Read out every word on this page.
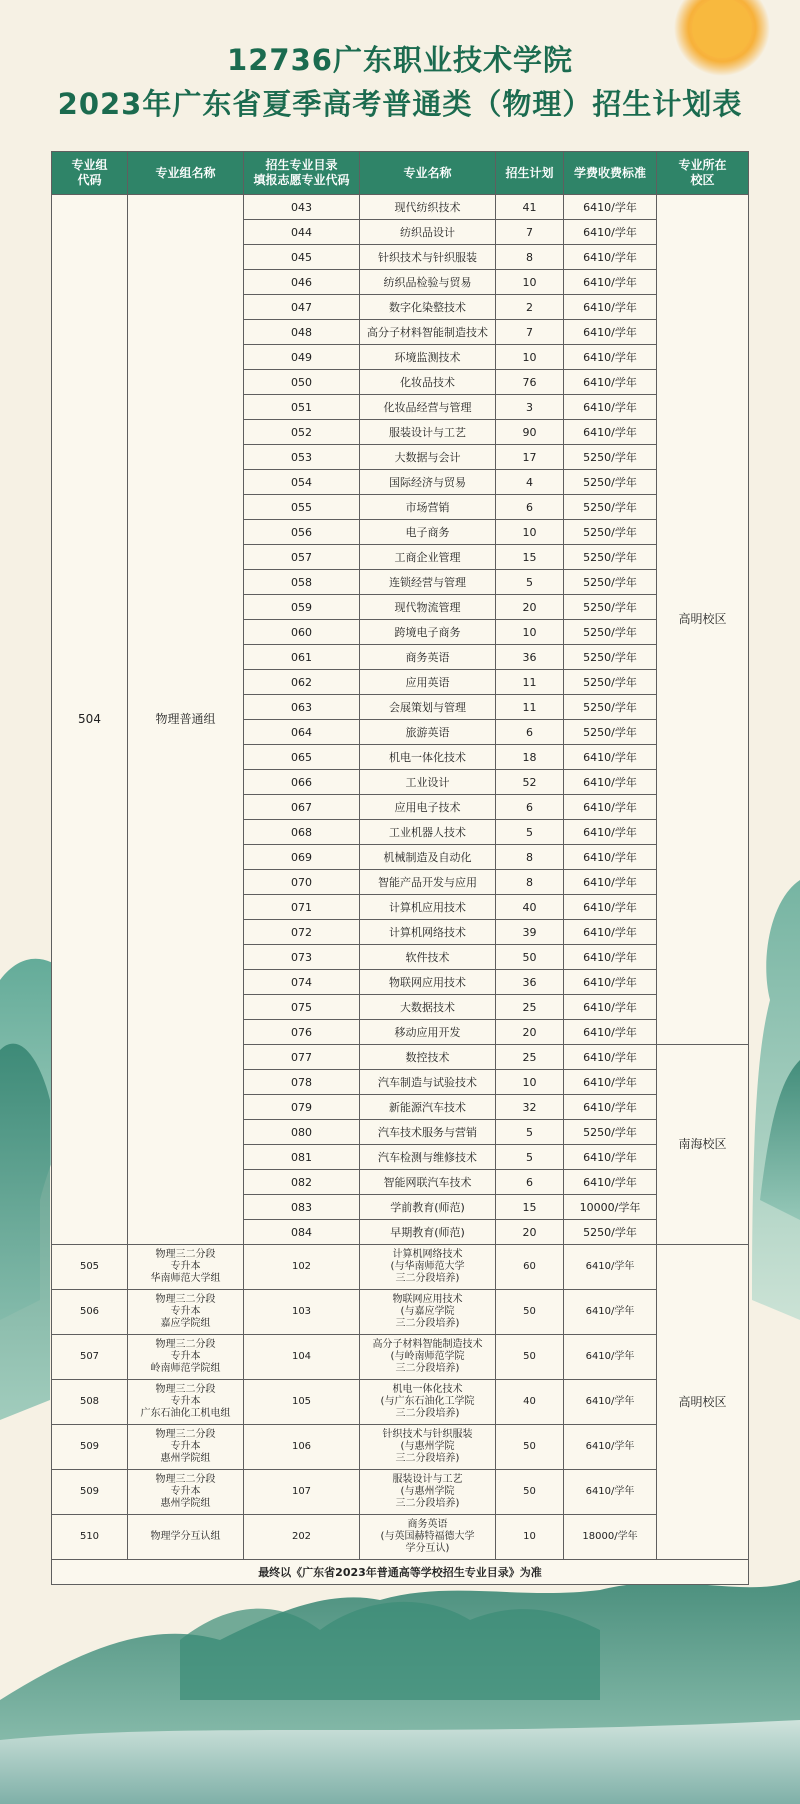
12736广东职业技术学院
2023年广东省夏季高考普通类（物理）招生计划表
专业组
代码	专业组名称	招生专业目录
填报志愿专业代码	专业名称	招生计划	学费收费标准	专业所在
校区
504	物理普通组	043	现代纺织技术	41	6410/学年	高明校区
		044	纺织品设计	7	6410/学年	
		045	针织技术与针织服装	8	6410/学年	
		046	纺织品检验与贸易	10	6410/学年	
		047	数字化染整技术	2	6410/学年	
		048	高分子材料智能制造技术	7	6410/学年	
		049	环境监测技术	10	6410/学年	
		050	化妆品技术	76	6410/学年	
		051	化妆品经营与管理	3	6410/学年	
		052	服装设计与工艺	90	6410/学年	
		053	大数据与会计	17	5250/学年	
		054	国际经济与贸易	4	5250/学年	
		055	市场营销	6	5250/学年	
		056	电子商务	10	5250/学年	
		057	工商企业管理	15	5250/学年	
		058	连锁经营与管理	5	5250/学年	
		059	现代物流管理	20	5250/学年	
		060	跨境电子商务	10	5250/学年	
		061	商务英语	36	5250/学年	
		062	应用英语	11	5250/学年	
		063	会展策划与管理	11	5250/学年	
		064	旅游英语	6	5250/学年	
		065	机电一体化技术	18	6410/学年	
		066	工业设计	52	6410/学年	
		067	应用电子技术	6	6410/学年	
		068	工业机器人技术	5	6410/学年	
		069	机械制造及自动化	8	6410/学年	
		070	智能产品开发与应用	8	6410/学年	
		071	计算机应用技术	40	6410/学年	
		072	计算机网络技术	39	6410/学年	
		073	软件技术	50	6410/学年	
		074	物联网应用技术	36	6410/学年	
		075	大数据技术	25	6410/学年	
		076	移动应用开发	20	6410/学年	
		077	数控技术	25	6410/学年	南海校区
		078	汽车制造与试验技术	10	6410/学年	
		079	新能源汽车技术	32	6410/学年	
		080	汽车技术服务与营销	5	5250/学年	
		081	汽车检测与维修技术	5	6410/学年	
		082	智能网联汽车技术	6	6410/学年	
		083	学前教育(师范)	15	10000/学年	
		084	早期教育(师范)	20	5250/学年	
505	物理三二分段
专升本
华南师范大学组	102	计算机网络技术
(与华南师范大学
三二分段培养)	60	6410/学年	高明校区
506	物理三二分段
专升本
嘉应学院组	103	物联网应用技术
(与嘉应学院
三二分段培养)	50	6410/学年	
507	物理三二分段
专升本
岭南师范学院组	104	高分子材料智能制造技术
(与岭南师范学院
三二分段培养)	50	6410/学年	
508	物理三二分段
专升本
广东石油化工机电组	105	机电一体化技术
(与广东石油化工学院
三二分段培养)	40	6410/学年	
509	物理三二分段
专升本
惠州学院组	106	针织技术与针织服装
(与惠州学院
三二分段培养)	50	6410/学年	
509	物理三二分段
专升本
惠州学院组	107	服装设计与工艺
(与惠州学院
三二分段培养)	50	6410/学年	
510	物理学分互认组	202	商务英语
(与英国赫特福德大学
学分互认)	10	18000/学年	
最终以《广东省2023年普通高等学校招生专业目录》为准						
